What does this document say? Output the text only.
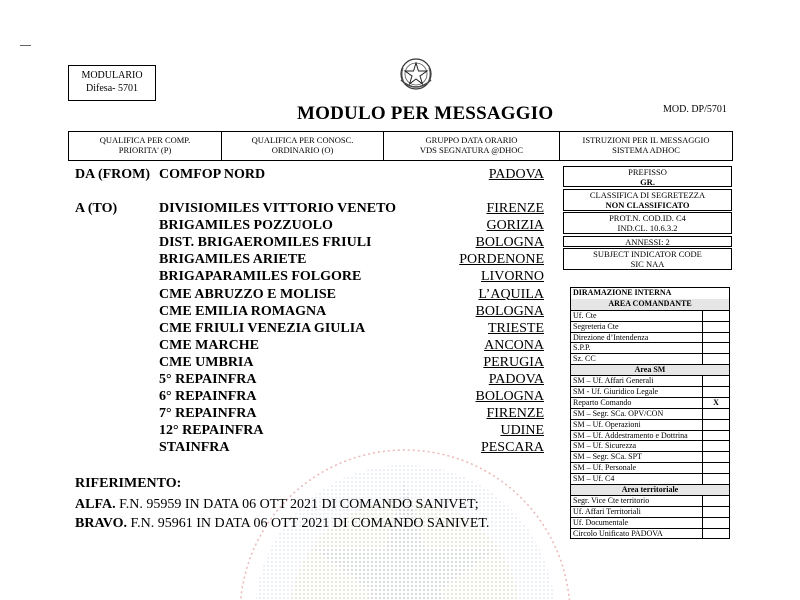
MODULARIO
Difesa- 5701
MODULO PER MESSAGGIO	MOD. DP/5701
QUALIFICA PER COMP.
PRIORITA' (P)
QUALIFICA PER CONOSC.
ORDINARIO (O)
GRUPPO DATA ORARIO
VDS SEGNATURA @DHOC
ISTRUZIONI PER IL MESSAGGIO
SISTEMA ADHOC
DA (FROM) COMFOP NORD	PADOVA
A (TO)	DIVISIOMILES VITTORIO VENETO	FIRENZE
BRIGAMILES POZZUOLO	GORIZIA
DIST. BRIGAEROMILES FRIULI	BOLOGNA
BRIGAMILES ARIETE	PORDENONE
BRIGAPARAMILES FOLGORE	LIVORNO
CME ABRUZZO E MOLISE	L’AQUILA
CME EMILIA ROMAGNA	BOLOGNA
CME FRIULI VENEZIA GIULIA	TRIESTE
CME MARCHE	ANCONA
CME UMBRIA	PERUGIA
5° REPAINFRA	PADOVA
6° REPAINFRA	BOLOGNA
7° REPAINFRA	FIRENZE
12° REPAINFRA	UDINE
STAINFRA	PESCARA
PREFISSO
GR.
CLASSIFICA DI SEGRETEZZA
NON CLASSIFICATO
PROT.N. COD.ID. C4
IND.CL. 10.6.3.2
ANNESSI: 2
SUBJECT INDICATOR CODE
SIC NAA
DIRAMAZIONE INTERNA
AREA COMANDANTE
Uf. Cte
Segreteria Cte
Direzione d’Intendenza
S.P.P.
Sz. CC
Area SM
SM – Uf. Affari Generali
SM - Uf. Giuridico Legale
Reparto Comando	X
SM – Segr. SCa. OPV/CON
SM – Uf. Operazioni
SM – Uf. Addestramento e Dottrina
SM – Uf. Sicurezza
SM – Segr. SCa. SPT
SM – Uf. Personale
SM – Uf. C4
Area territoriale
Segr. Vice Cte territorio
Uf. Affari Territoriali
Uf. Documentale
Circolo Unificato PADOVA
RIFERIMENTO:
ALFA. F.N. 95959 IN DATA 06 OTT 2021 DI COMANDO SANIVET;
BRAVO. F.N. 95961 IN DATA 06 OTT 2021 DI COMANDO SANIVET.
